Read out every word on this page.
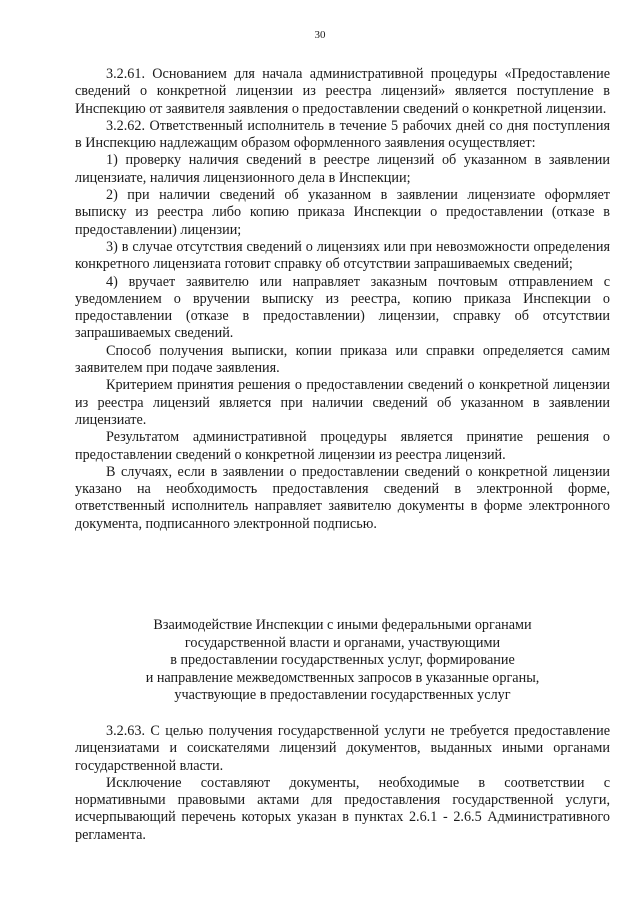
30

3.2.61. Основанием для начала административной процедуры «Предоставление сведений о конкретной лицензии из реестра лицензий» является поступление в Инспекцию от заявителя заявления о предоставлении сведений о конкретной лицензии.

3.2.62. Ответственный исполнитель в течение 5 рабочих дней со дня поступления в Инспекцию надлежащим образом оформленного заявления осуществляет:

1) проверку наличия сведений в реестре лицензий об указанном в заявлении лицензиате, наличия лицензионного дела в Инспекции;

2) при наличии сведений об указанном в заявлении лицензиате оформляет выписку из реестра либо копию приказа Инспекции о предоставлении (отказе в предоставлении) лицензии;

3) в случае отсутствия сведений о лицензиях или при невозможности определения конкретного лицензиата готовит справку об отсутствии запрашиваемых сведений;

4) вручает заявителю или направляет заказным почтовым отправлением с уведомлением о вручении выписку из реестра, копию приказа Инспекции о предоставлении (отказе в предоставлении) лицензии, справку об отсутствии запрашиваемых сведений.

Способ получения выписки, копии приказа или справки определяется самим заявителем при подаче заявления.

Критерием принятия решения о предоставлении сведений о конкретной лицензии из реестра лицензий является при наличии сведений об указанном в заявлении лицензиате.

Результатом административной процедуры является принятие решения о предоставлении сведений о конкретной лицензии из реестра лицензий.

В случаях, если в заявлении о предоставлении сведений о конкретной лицензии указано на необходимость предоставления сведений в электронной форме, ответственный исполнитель направляет заявителю документы в форме электронного документа, подписанного электронной подписью.

Взаимодействие Инспекции с иными федеральными органами
государственной власти и органами, участвующими
в предоставлении государственных услуг, формирование
и направление межведомственных запросов в указанные органы,
участвующие в предоставлении государственных услуг

3.2.63. С целью получения государственной услуги не требуется предоставление лицензиатами и соискателями лицензий документов, выданных иными органами государственной власти.

Исключение составляют документы, необходимые в соответствии с нормативными правовыми актами для предоставления государственной услуги, исчерпывающий перечень которых указан в пунктах 2.6.1 - 2.6.5 Административного регламента.
